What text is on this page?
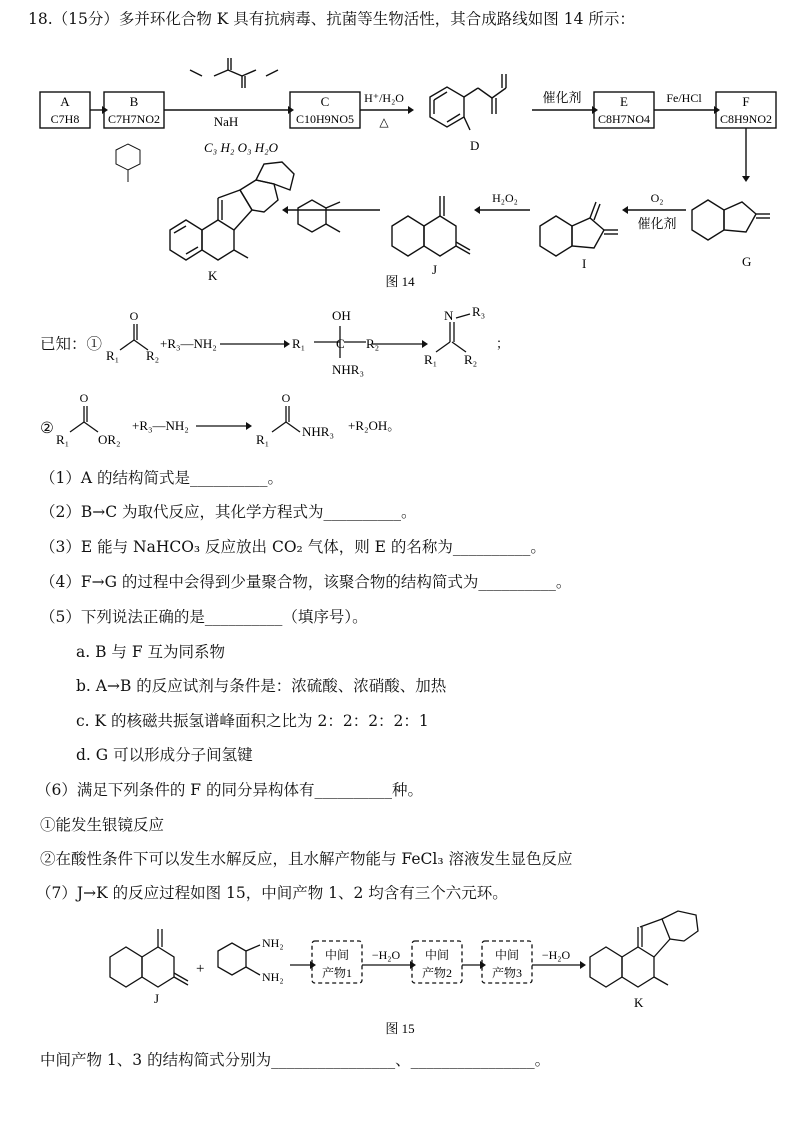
18.（15分）多并环化合物 K 具有抗病毒、抗菌等生物活性，其合成路线如图 14 所示：
A
C7H8
B
C7H7NO2
C
C10H9NO5
E
C8H7NO4
F
C8H9NO2
NaH
H⁺/H₂O
△
催化剂	Fe/HCl
O₂
催化剂
H₂O₂
D
G
I
J
K
C₃ H₂ O₃ H₂O
图 14
已知：①
O
R₁ R₂
+R₃—NH₂	R₁
OH
C R₂
NHR₃
N R₃
R₁ R₂
；
②
O
R₁ OR₂
+R₃—NH₂
O
R₁
NHR₃ +R₂OH。
（1）A 的结构简式是__________。
（2）B→C 为取代反应，其化学方程式为__________。
（3）E 能与 NaHCO₃ 反应放出 CO₂ 气体，则 E 的名称为__________。
（4）F→G 的过程中会得到少量聚合物，该聚合物的结构简式为__________。
（5）下列说法正确的是__________（填序号）。
a. B 与 F 互为同系物
b. A→B 的反应试剂与条件是：浓硫酸、浓硝酸、加热
c. K 的核磁共振氢谱峰面积之比为 2：2：2：2：1
d. G 可以形成分子间氢键
（6）满足下列条件的 F 的同分异构体有__________种。
①能发生银镜反应
②在酸性条件下可以发生水解反应，且水解产物能与 FeCl₃ 溶液发生显色反应
（7）J→K 的反应过程如图 15，中间产物 1、2 均含有三个六元环。
+
NH₂
NH₂
J	K
中间
产物1
中间
产物2
中间
产物3
−H₂O	−H₂O
图 15
中间产物 1、3 的结构简式分别为________________、________________。
